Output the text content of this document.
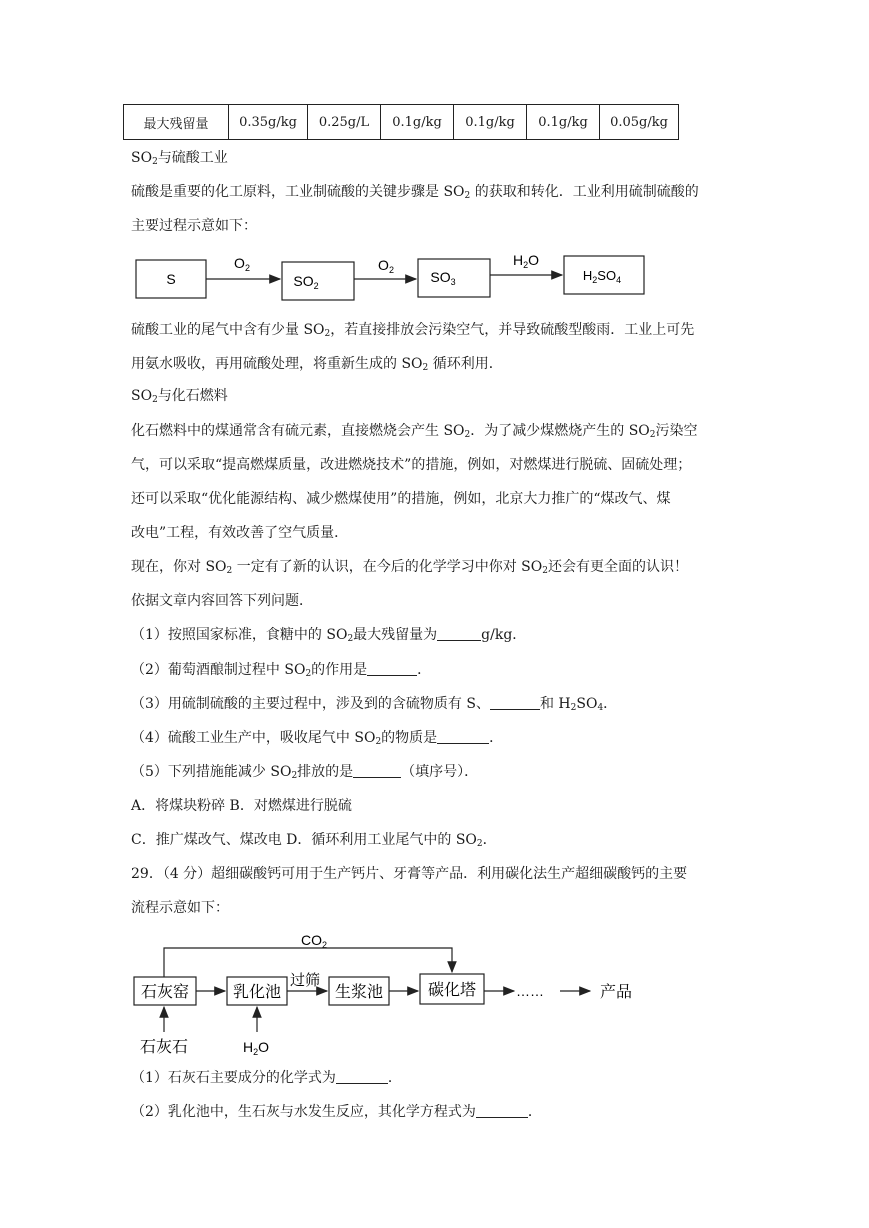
最大残留量	0.35g/kg	0.25g/L	0.1g/kg	0.1g/kg	0.1g/kg	0.05g/kg
$SO_2$与硫酸工业
硫酸是重要的化工原料，工业制硫酸的关键步骤是 $SO_2$ 的获取和转化．工业利用硫制硫酸的
主要过程示意如下：
S
$O_2$
$SO_2$
$O_2$	$SO_3$
$H_2O$
$H_2SO_4$
硫酸工业的尾气中含有少量 $SO_2$，若直接排放会污染空气，并导致硫酸型酸雨．工业上可先
用氨水吸收，再用硫酸处理，将重新生成的 $SO_2$ 循环利用．
$SO_2$与化石燃料
化石燃料中的煤通常含有硫元素，直接燃烧会产生 $SO_2$．为了减少煤燃烧产生的 $SO_2$污染空
气，可以采取“提高燃煤质量，改进燃烧技术”的措施，例如，对燃煤进行脱硫、固硫处理；
还可以采取“优化能源结构、减少燃煤使用”的措施，例如，北京大力推广的“煤改气、煤
改电”工程，有效改善了空气质量．
现在，你对 $SO_2$ 一定有了新的认识，在今后的化学学习中你对 $SO_2$还会有更全面的认识！
依据文章内容回答下列问题．
（1）按照国家标准，食糖中的 $SO_2$最大残留量为	g/kg．
（2）葡萄酒酿制过程中 $SO_2$的作用是	．
（3）用硫制硫酸的主要过程中，涉及到的含硫物质有 S、	和 $H_2SO_4$．
（4）硫酸工业生产中，吸收尾气中 $SO_2$的物质是	．
（5）下列措施能减少 $SO_2$排放的是	（填序号）．
A．将煤块粉碎 B．对燃煤进行脱硫
C．推广煤改气、煤改电 D．循环利用工业尾气中的 $SO_2$．
29．（4 分）超细碳酸钙可用于生产钙片、牙膏等产品．利用碳化法生产超细碳酸钙的主要
流程示意如下：
$CO_2$
石灰窑	乳化池
过筛
生浆池	碳化塔	……	产品
石灰石	$H_2O$
（1）石灰石主要成分的化学式为	．
（2）乳化池中，生石灰与水发生反应，其化学方程式为	．
